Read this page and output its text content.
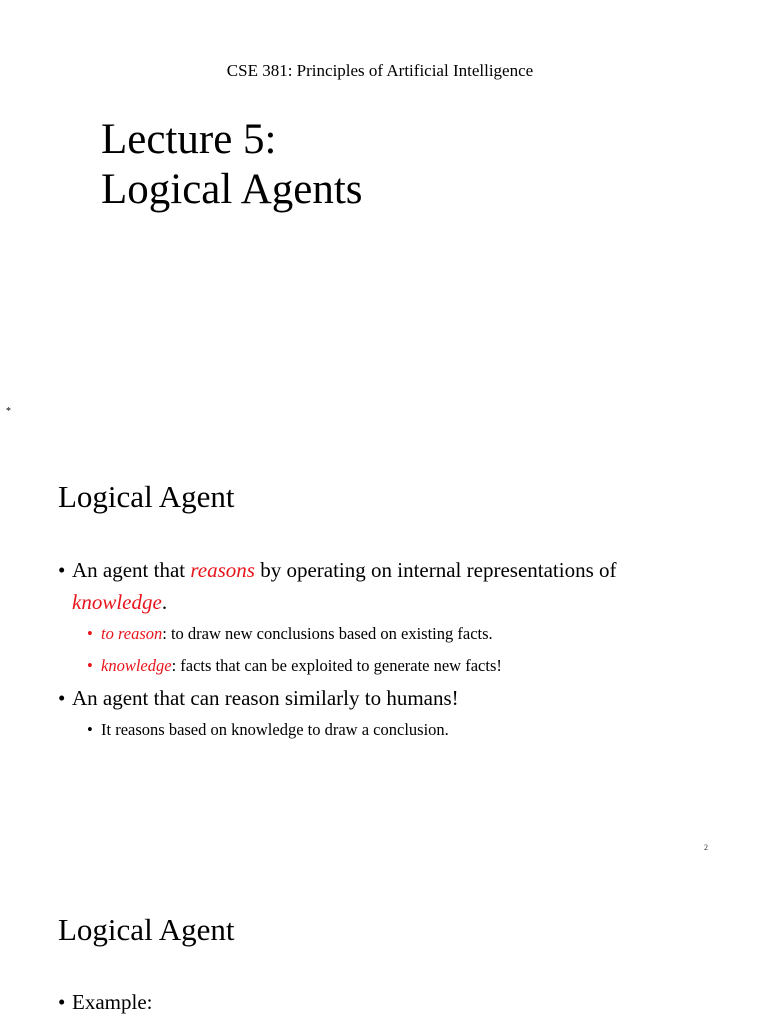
CSE 381: Principles of Artificial Intelligence
Lecture 5:
Logical Agents
*
Logical Agent
• An agent that reasons by operating on internal representations of
knowledge.
• to reason: to draw new conclusions based on existing facts.
• knowledge: facts that can be exploited to generate new facts!
• An agent that can reason similarly to humans!
• It reasons based on knowledge to draw a conclusion.
2
Logical Agent
• Example:
